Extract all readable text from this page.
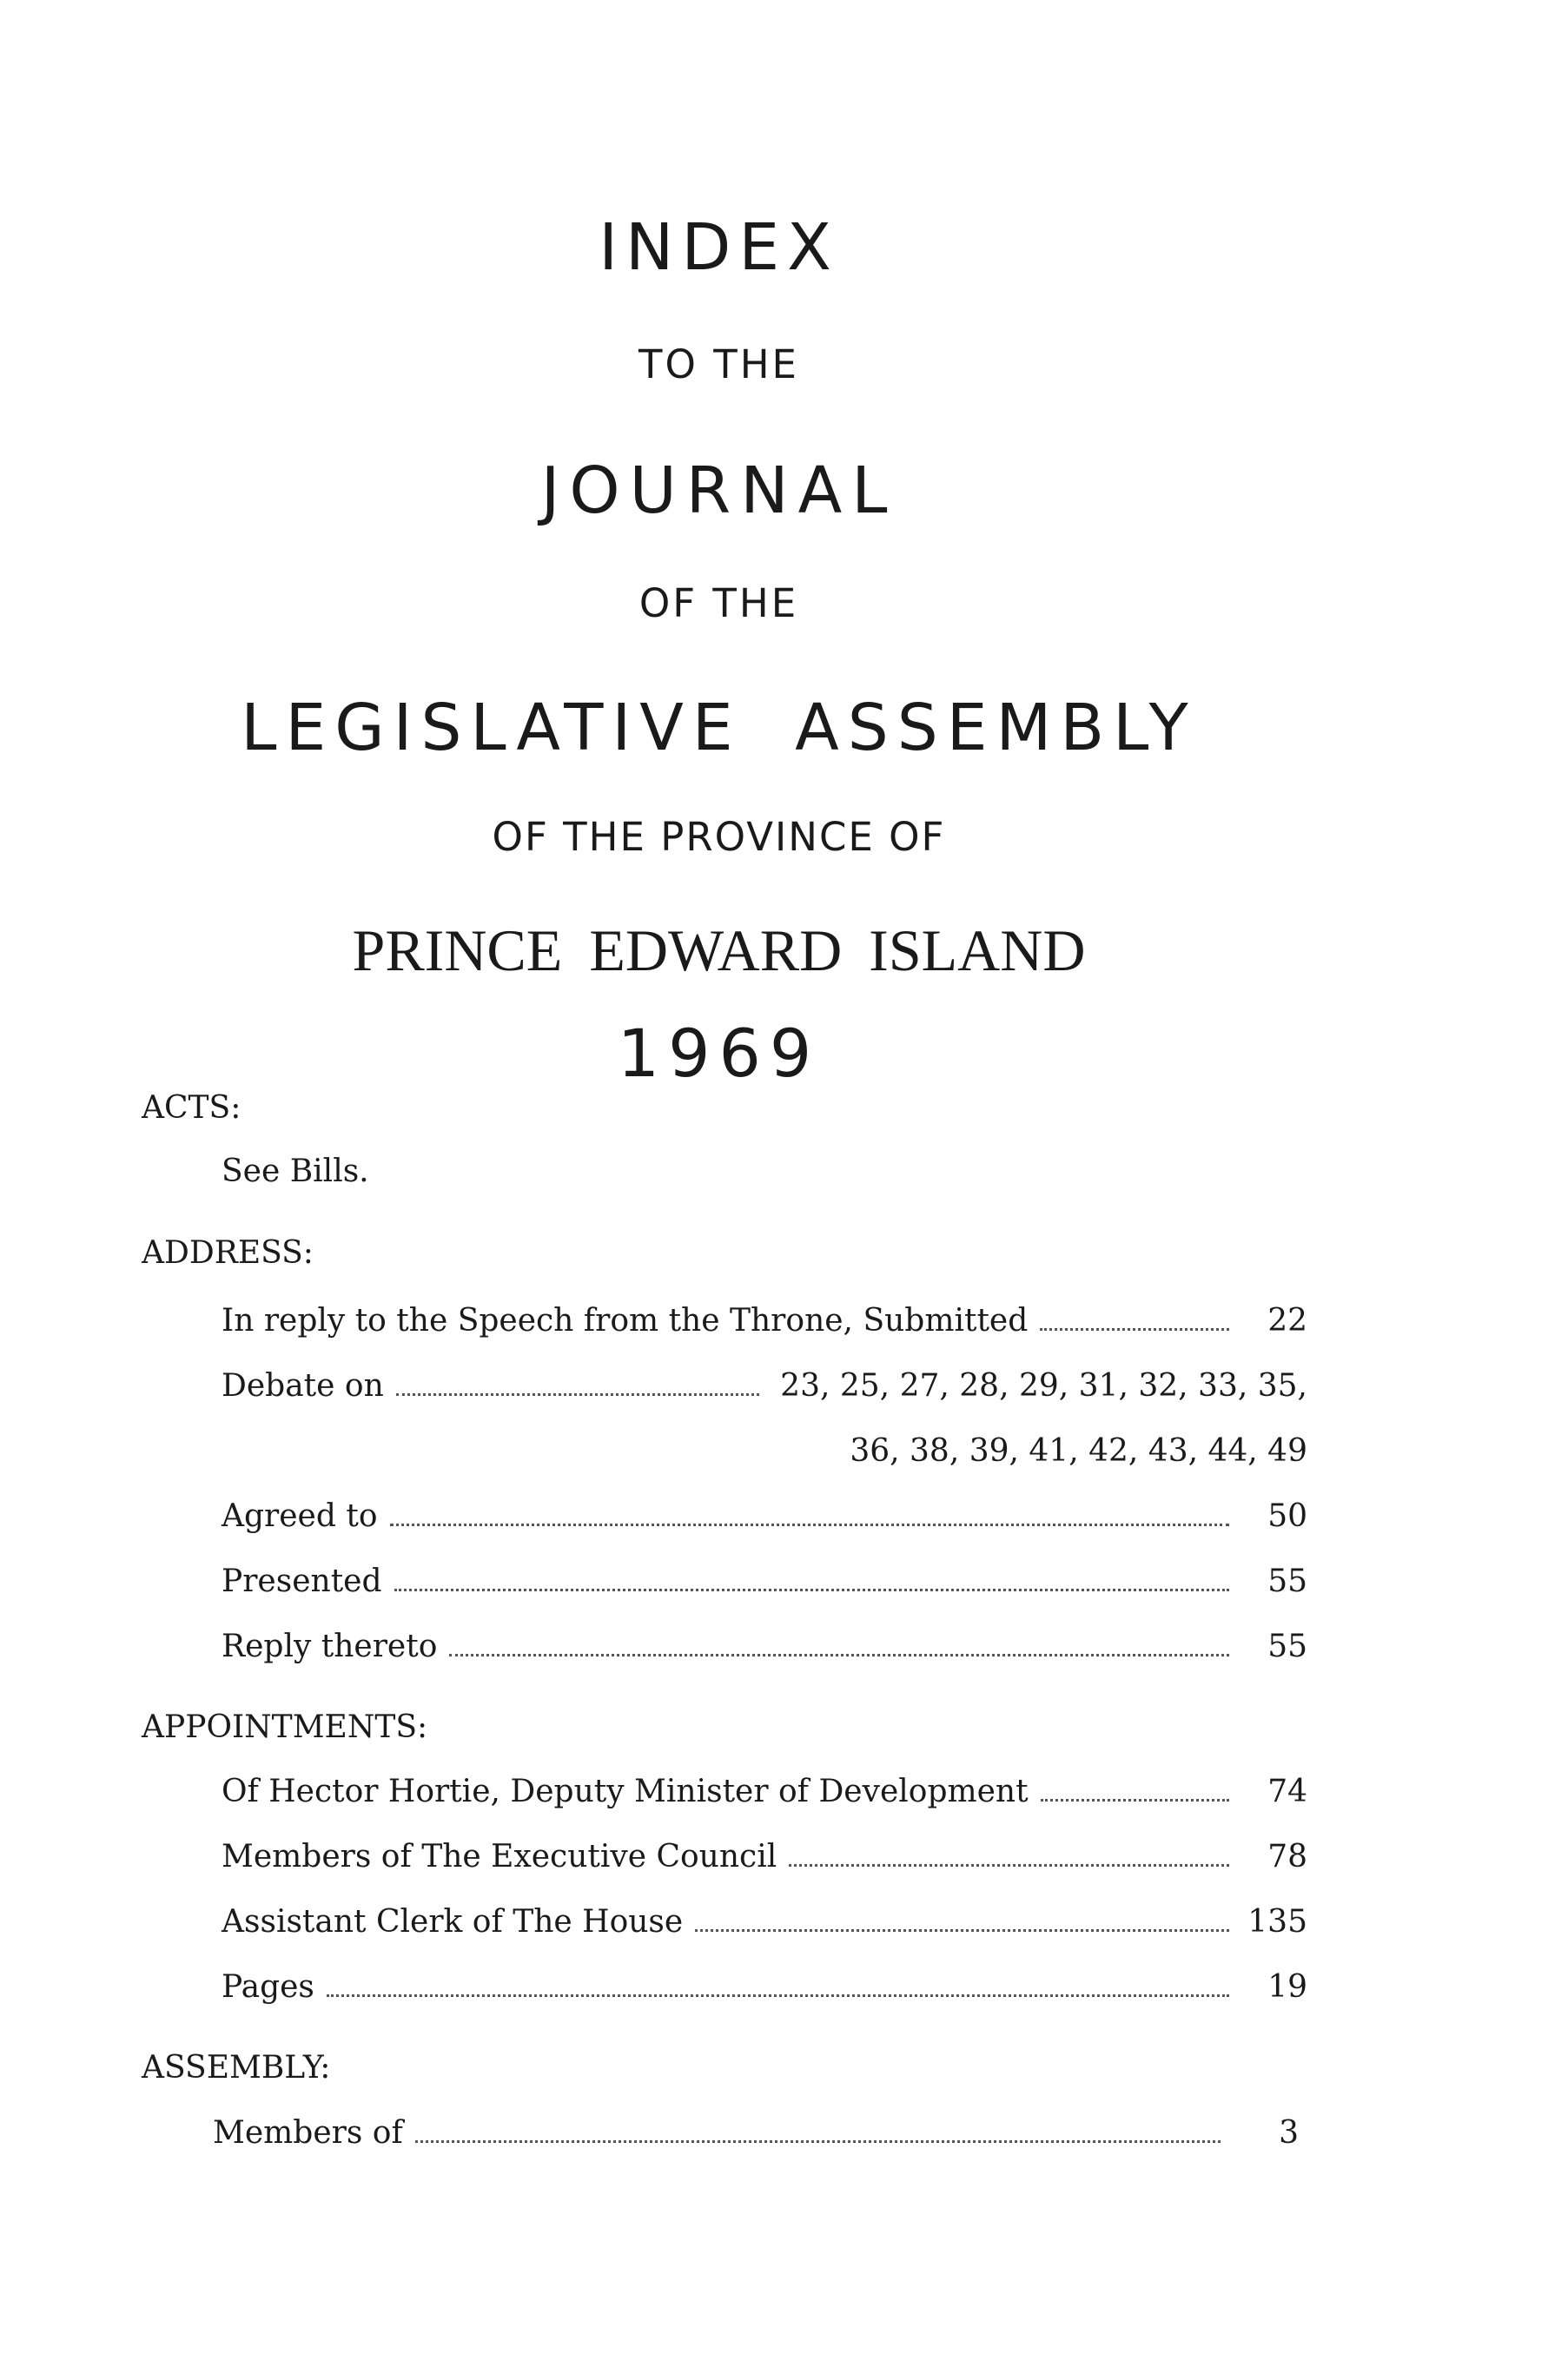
INDEX
TO THE
JOURNAL
OF THE
LEGISLATIVE ASSEMBLY
OF THE PROVINCE OF
PRINCE EDWARD ISLAND
1969
ACTS:
See Bills.
ADDRESS:
In reply to the Speech from the Throne, Submitted	22
Debate on	23, 25, 27, 28, 29, 31, 32, 33, 35,
36, 38, 39, 41, 42, 43, 44, 49
Agreed to	50
Presented	55
Reply thereto	55
APPOINTMENTS:
Of Hector Hortie, Deputy Minister of Development	74
Members of The Executive Council	78
Assistant Clerk of The House	135
Pages	19
ASSEMBLY:
Members of	3
